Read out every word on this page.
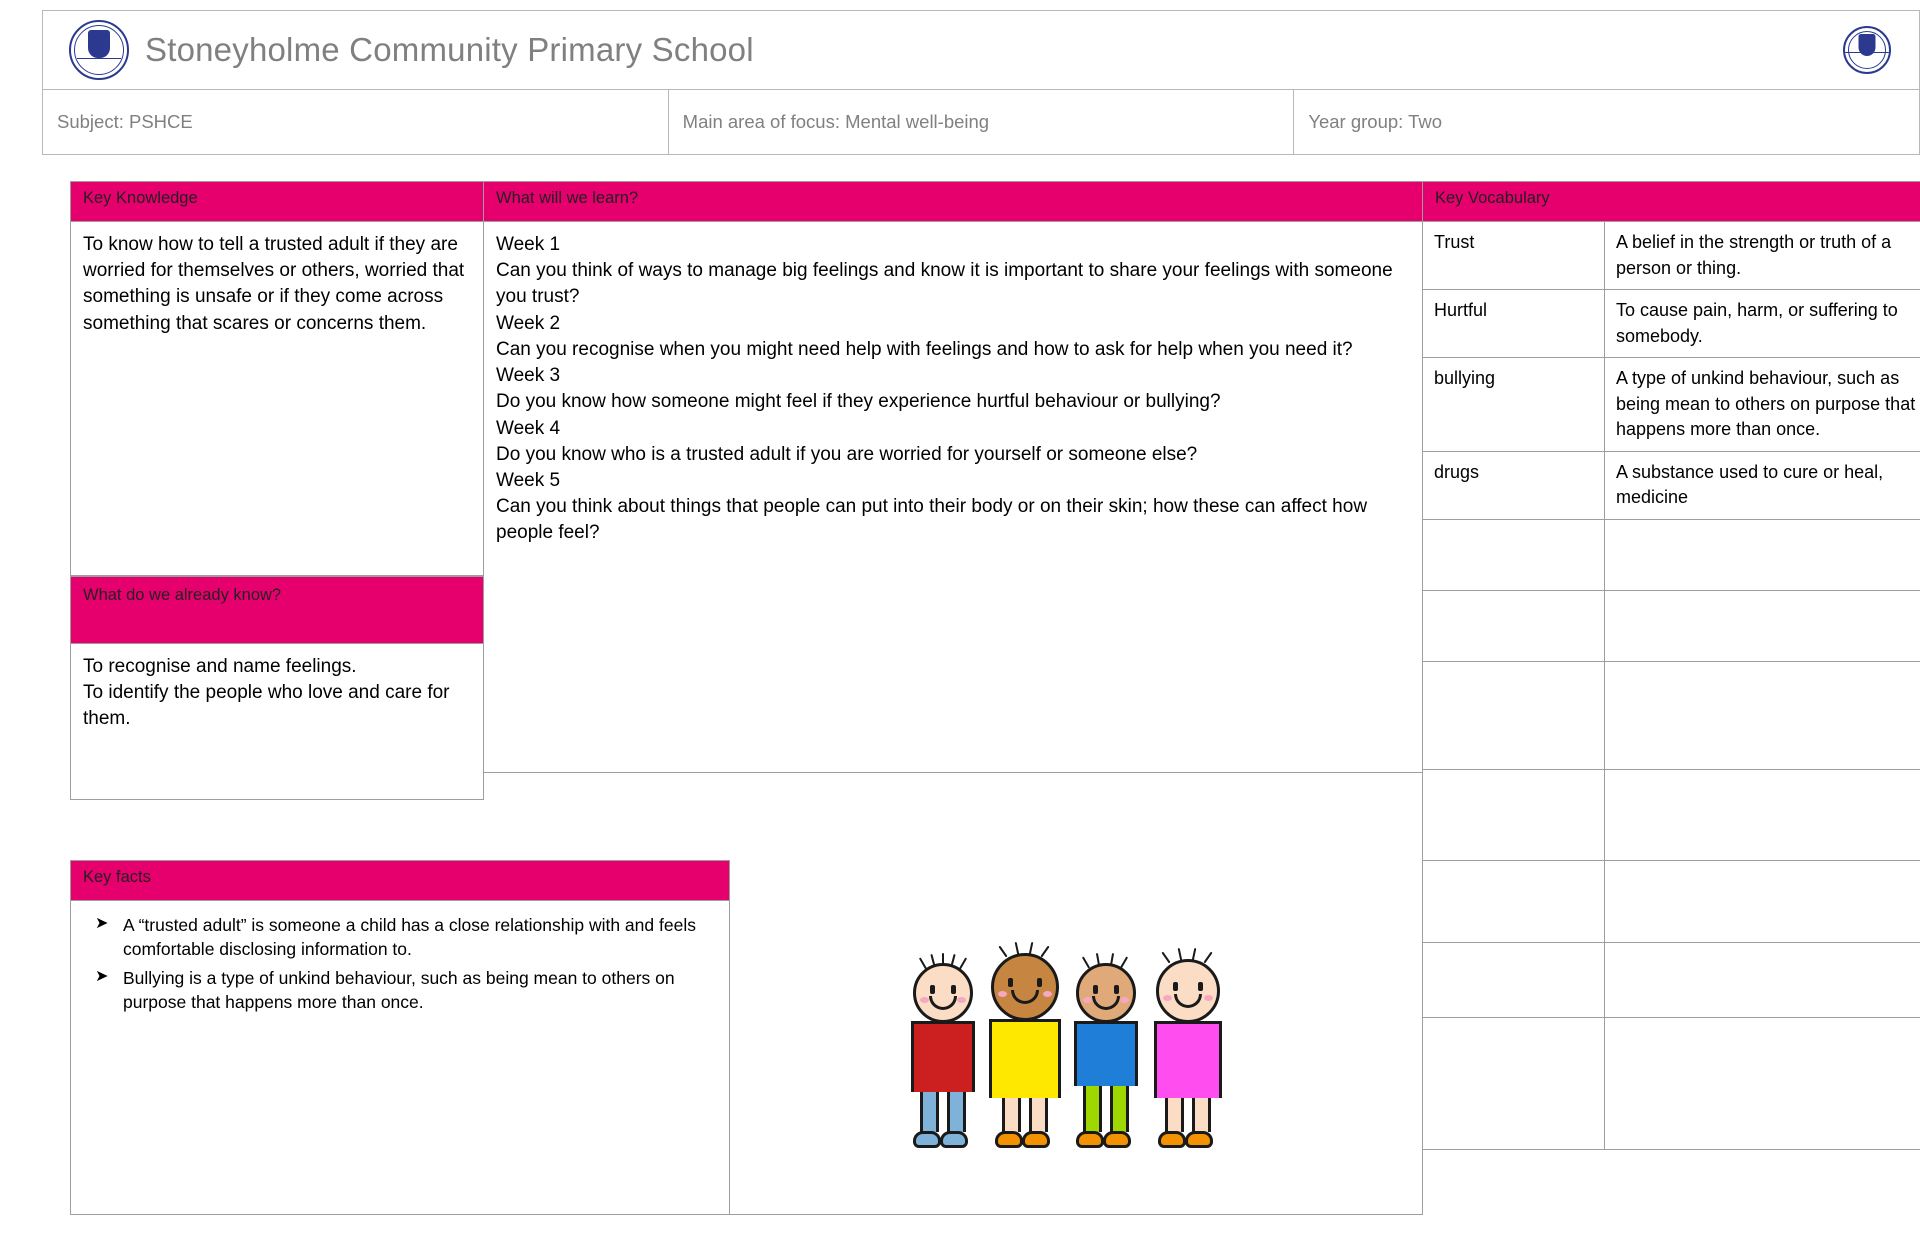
Stoneyholme Community Primary School

Subject: PSHCE	Main area of focus: Mental well-being	Year group: Two
Key Knowledge
To know how to tell a trusted adult if they are worried for themselves or others, worried that something is unsafe or if they come across something that scares or concerns them.
What do we already know?
To recognise and name feelings.
To identify the people who love and care for them.
What will we learn?

Week 1

Can you think of ways to manage big feelings and know it is important to share your feelings with someone you trust?

Week 2

Can you recognise when you might need help with feelings and how to ask for help when you need it?

Week 3

Do you know how someone might feel if they experience hurtful behaviour or bullying?

Week 4

Do you know who is a trusted adult if you are worried for yourself or someone else?

Week 5

Can you think about things that people can put into their body or on their skin; how these can affect how people feel?

Key Vocabulary
Trust	A belief in the strength or truth of a person or thing.
Hurtful	To cause pain, harm, or suffering to somebody.
bullying	A type of unkind behaviour, such as being mean to others on purpose that happens more than once.
drugs	A substance used to cure or heal, medicine

Key facts
➤ A “trusted adult” is someone a child has a close relationship with and feels comfortable disclosing information to.
➤ Bullying is a type of unkind behaviour, such as being mean to others on purpose that happens more than once.
